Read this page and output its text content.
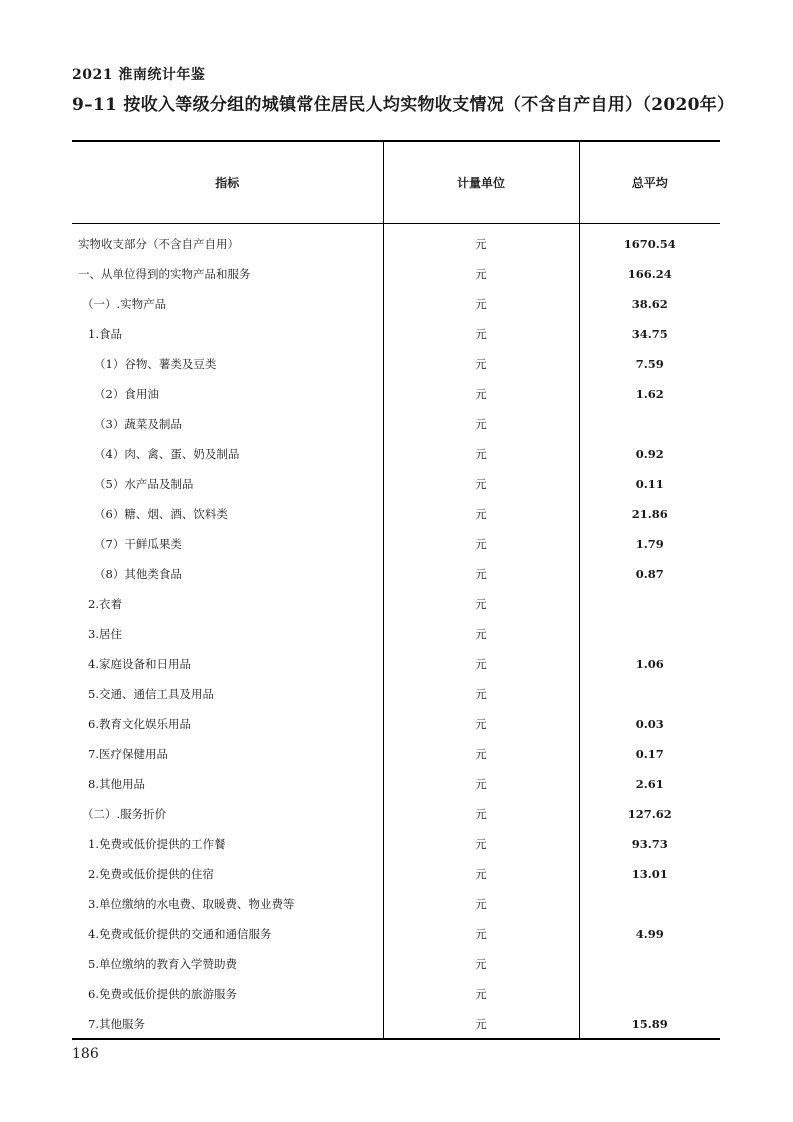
2021 淮南统计年鉴
9–11 按收入等级分组的城镇常住居民人均实物收支情况（不含自产自用）（2020年）
指标	计量单位	总平均
实物收支部分（不含自产自用）	元	1670.54
一、从单位得到的实物产品和服务	元	166.24
（一）.实物产品	元	38.62
1.食品	元	34.75
（1）谷物、薯类及豆类	元	7.59
（2）食用油	元	1.62
（3）蔬菜及制品	元	
（4）肉、禽、蛋、奶及制品	元	0.92
（5）水产品及制品	元	0.11
（6）糖、烟、酒、饮料类	元	21.86
（7）干鲜瓜果类	元	1.79
（8）其他类食品	元	0.87
2.衣着	元	
3.居住	元	
4.家庭设备和日用品	元	1.06
5.交通、通信工具及用品	元	
6.教育文化娱乐用品	元	0.03
7.医疗保健用品	元	0.17
8.其他用品	元	2.61
（二）.服务折价	元	127.62
1.免费或低价提供的工作餐	元	93.73
2.免费或低价提供的住宿	元	13.01
3.单位缴纳的水电费、取暖费、物业费等	元	
4.免费或低价提供的交通和通信服务	元	4.99
5.单位缴纳的教育入学赞助费	元	
6.免费或低价提供的旅游服务	元	
7.其他服务	元	15.89
186
